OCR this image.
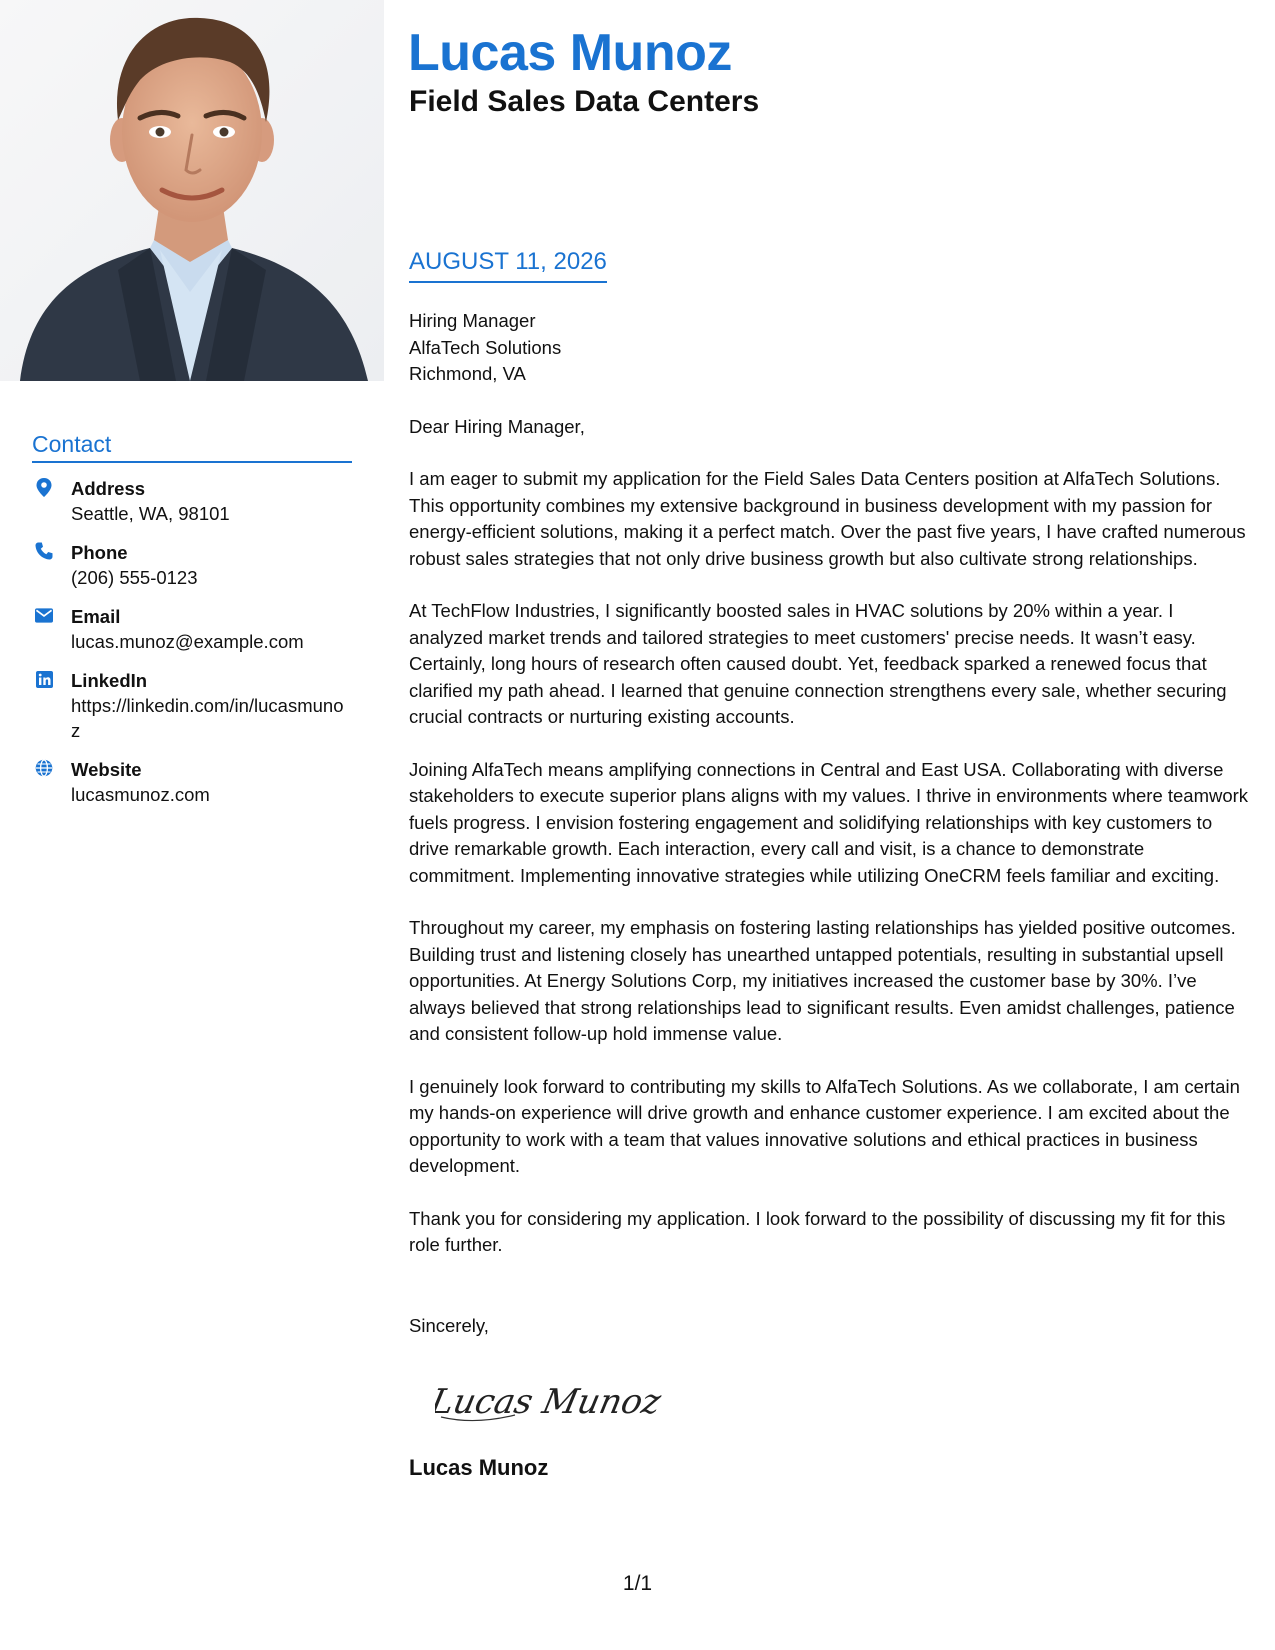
Lucas Munoz
Field Sales Data Centers
AUGUST 11, 2026
Contact
Address
Seattle, WA, 98101
Phone
(206) 555-0123
Email
lucas.munoz@example.com
LinkedIn
https://linkedin.com/in/lucasmunoz
Website
lucasmunoz.com
Hiring Manager
AlfaTech Solutions
Richmond, VA
Dear Hiring Manager,

I am eager to submit my application for the Field Sales Data Centers position at AlfaTech Solutions. This opportunity combines my extensive background in business development with my passion for energy-efficient solutions, making it a perfect match. Over the past five years, I have crafted numerous robust sales strategies that not only drive business growth but also cultivate strong relationships.

At TechFlow Industries, I significantly boosted sales in HVAC solutions by 20% within a year. I analyzed market trends and tailored strategies to meet customers' precise needs. It wasn’t easy. Certainly, long hours of research often caused doubt. Yet, feedback sparked a renewed focus that clarified my path ahead. I learned that genuine connection strengthens every sale, whether securing crucial contracts or nurturing existing accounts.

Joining AlfaTech means amplifying connections in Central and East USA. Collaborating with diverse stakeholders to execute superior plans aligns with my values. I thrive in environments where teamwork fuels progress. I envision fostering engagement and solidifying relationships with key customers to drive remarkable growth. Each interaction, every call and visit, is a chance to demonstrate commitment. Implementing innovative strategies while utilizing OneCRM feels familiar and exciting.

Throughout my career, my emphasis on fostering lasting relationships has yielded positive outcomes. Building trust and listening closely has unearthed untapped potentials, resulting in substantial upsell opportunities. At Energy Solutions Corp, my initiatives increased the customer base by 30%. I’ve always believed that strong relationships lead to significant results. Even amidst challenges, patience and consistent follow-up hold immense value.

I genuinely look forward to contributing my skills to AlfaTech Solutions. As we collaborate, I am certain my hands-on experience will drive growth and enhance customer experience. I am excited about the opportunity to work with a team that values innovative solutions and ethical practices in business development.

Thank you for considering my application. I look forward to the possibility of discussing my fit for this role further.

Sincerely,
Lucas Munoz
Lucas Munoz
1/1
